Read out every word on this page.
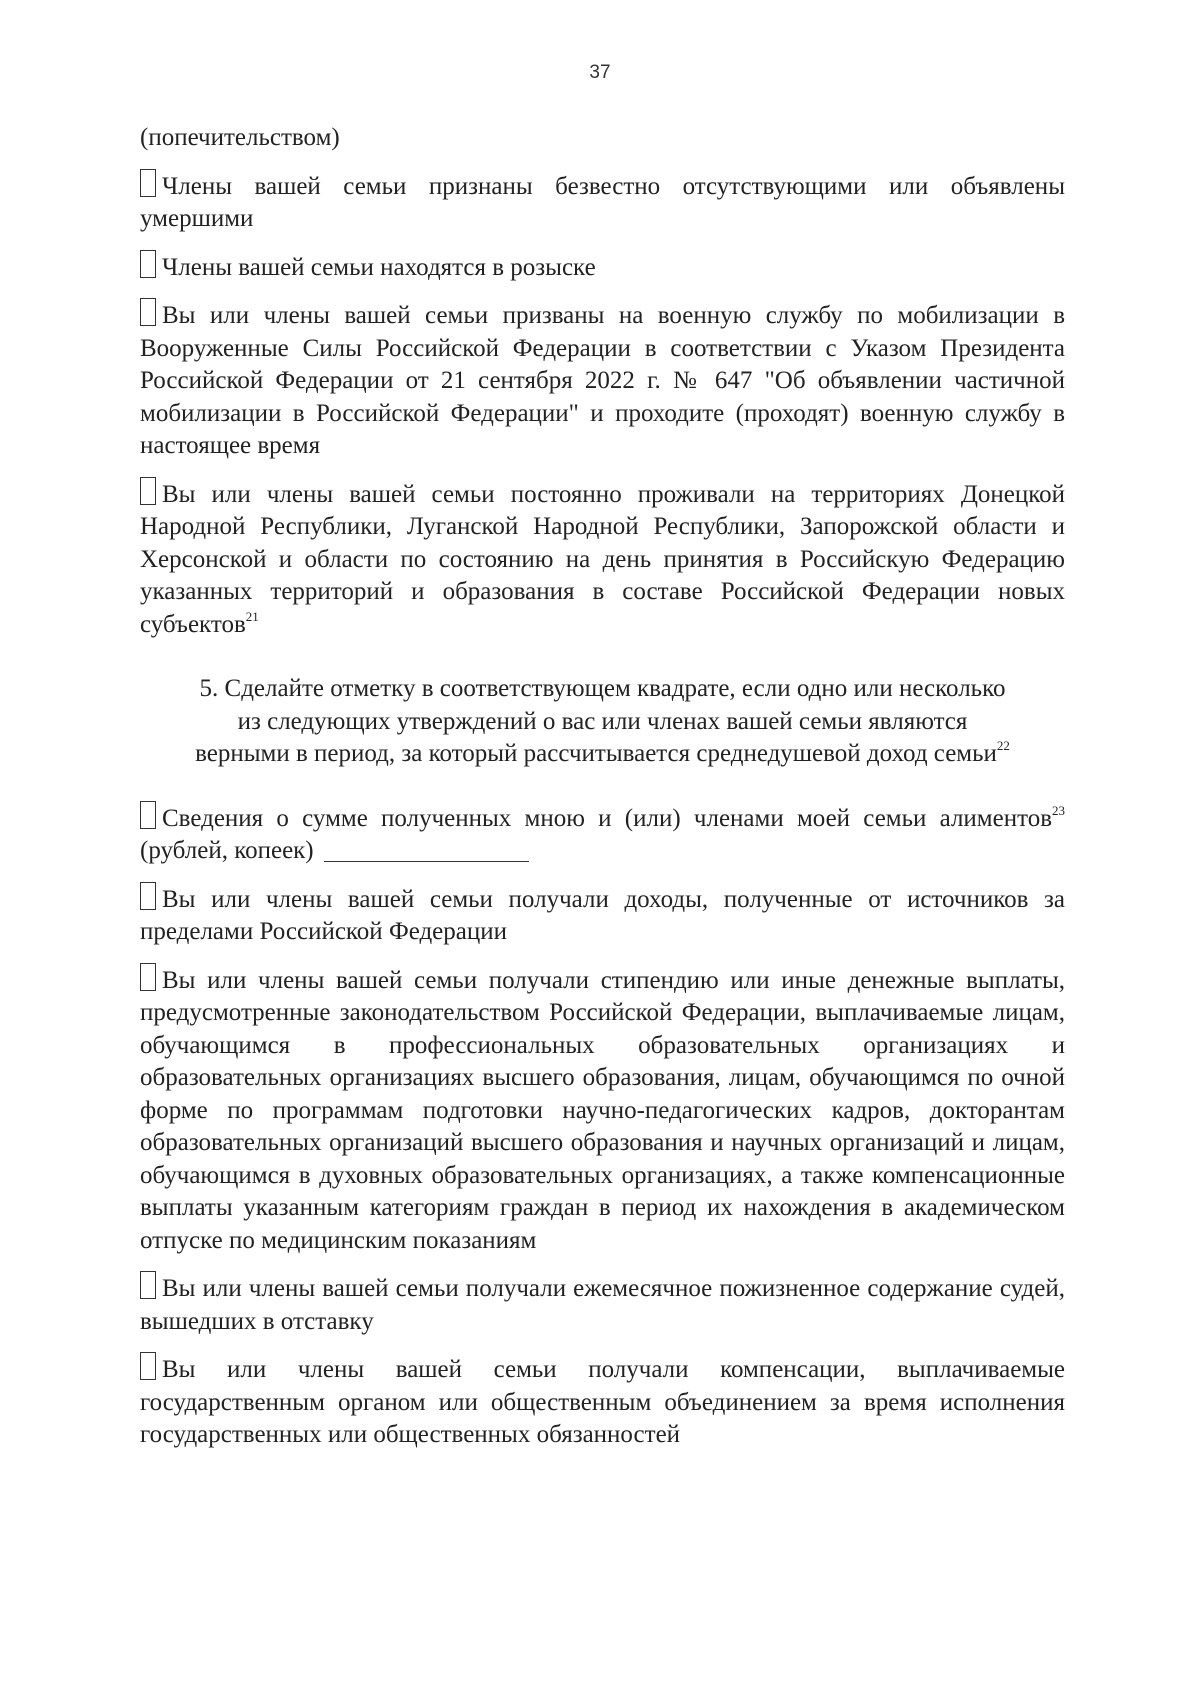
37
(попечительством)
Члены вашей семьи признаны безвестно отсутствующими или объявлены умершими
Члены вашей семьи находятся в розыске
Вы или члены вашей семьи призваны на военную службу по мобилизации в Вооруженные Силы Российской Федерации в соответствии с Указом Президента Российской Федерации от 21 сентября 2022 г. № 647 "Об объявлении частичной мобилизации в Российской Федерации" и проходите (проходят) военную службу в настоящее время
Вы или члены вашей семьи постоянно проживали на территориях Донецкой Народной Республики, Луганской Народной Республики, Запорожской области и Херсонской и области по состоянию на день принятия в Российскую Федерацию указанных территорий и образования в составе Российской Федерации новых субъектов$^{21}$
5. Сделайте отметку в соответствующем квадрате, если одно или несколько из следующих утверждений о вас или членах вашей семьи являются верными в период, за который рассчитывается среднедушевой доход семьи$^{22}$
Сведения о сумме полученных мною и (или) членами моей семьи алиментов$^{23}$ (рублей, копеек)
Вы или члены вашей семьи получали доходы, полученные от источников за пределами Российской Федерации
Вы или члены вашей семьи получали стипендию или иные денежные выплаты, предусмотренные законодательством Российской Федерации, выплачиваемые лицам, обучающимся в профессиональных образовательных организациях и образовательных организациях высшего образования, лицам, обучающимся по очной форме по программам подготовки научно-педагогических кадров, докторантам образовательных организаций высшего образования и научных организаций и лицам, обучающимся в духовных образовательных организациях, а также компенсационные выплаты указанным категориям граждан в период их нахождения в академическом отпуске по медицинским показаниям
Вы или члены вашей семьи получали ежемесячное пожизненное содержание судей, вышедших в отставку
Вы или члены вашей семьи получали компенсации, выплачиваемые государственным органом или общественным объединением за время исполнения государственных или общественных обязанностей
